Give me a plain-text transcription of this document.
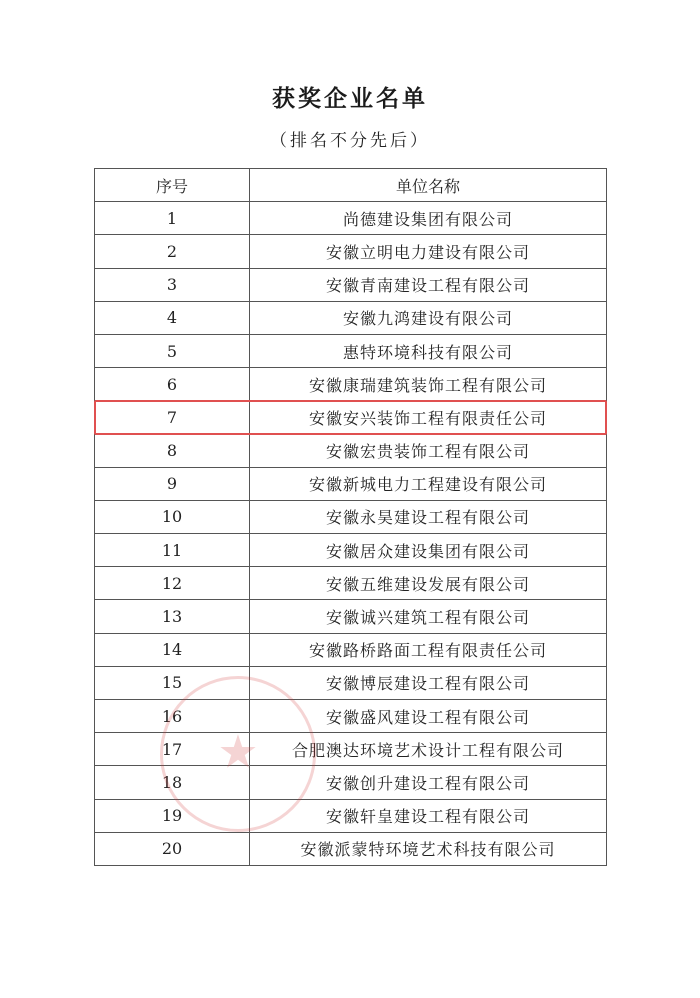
获奖企业名单
（排名不分先后）
序号	单位名称
1	尚德建设集团有限公司
2	安徽立明电力建设有限公司
3	安徽青南建设工程有限公司
4	安徽九鸿建设有限公司
5	惠特环境科技有限公司
6	安徽康瑞建筑装饰工程有限公司
7	安徽安兴装饰工程有限责任公司
8	安徽宏贵装饰工程有限公司
9	安徽新城电力工程建设有限公司
10	安徽永昊建设工程有限公司
11	安徽居众建设集团有限公司
12	安徽五维建设发展有限公司
13	安徽诚兴建筑工程有限公司
14	安徽路桥路面工程有限责任公司
15	安徽博辰建设工程有限公司
16	安徽盛风建设工程有限公司
17	合肥澳达环境艺术设计工程有限公司
18	安徽创升建设工程有限公司
19	安徽轩皇建设工程有限公司
20	安徽派蒙特环境艺术科技有限公司
★
